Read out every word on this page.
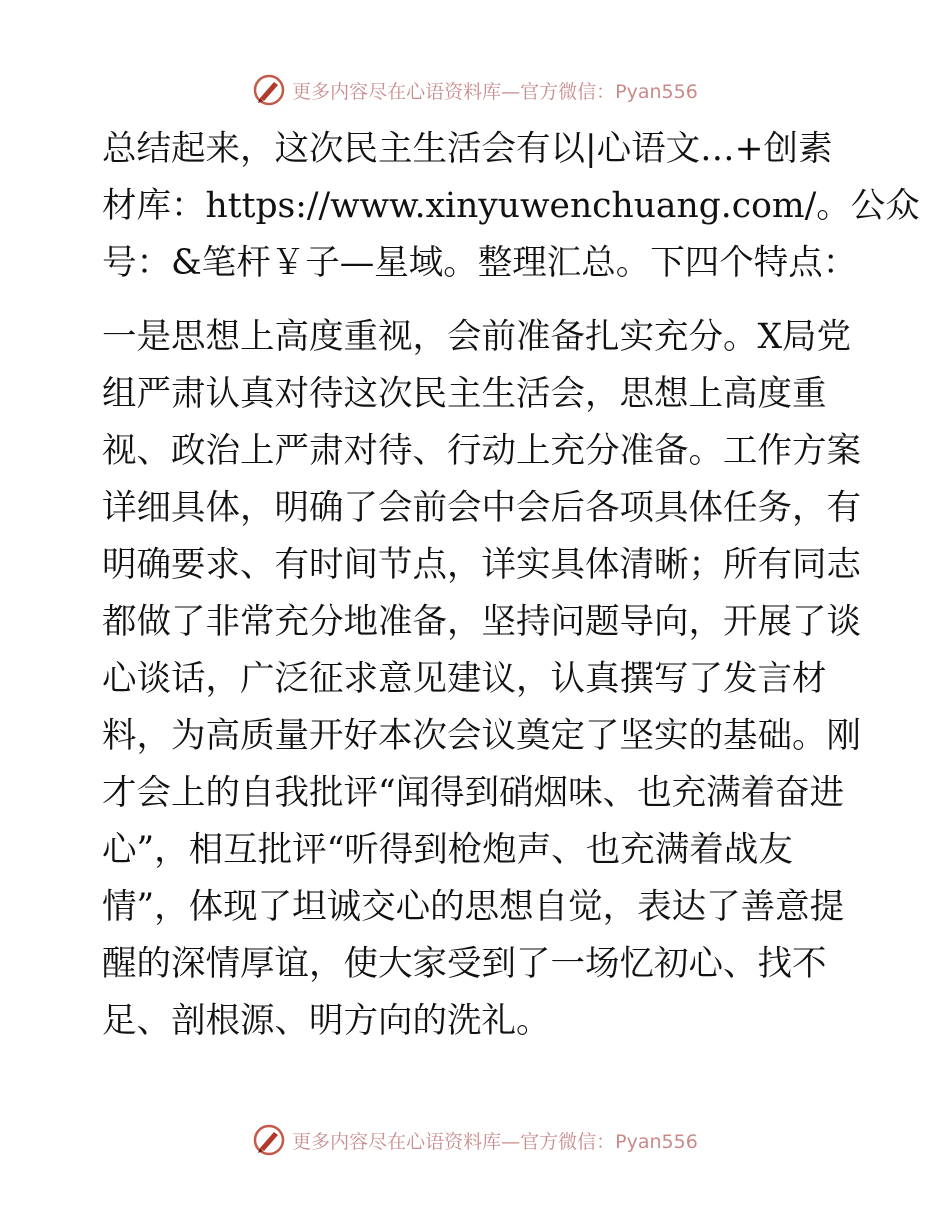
更多内容尽在心语资料库—官方微信：Pyan556
总结起来，这次民主生活会有以|心语文…+创素
材库：https://www.xinyuwenchuang.com/。公众
号：&笔杆￥子—星域。整理汇总。下四个特点：
一是思想上高度重视，会前准备扎实充分。X局党
组严肃认真对待这次民主生活会，思想上高度重
视、政治上严肃对待、行动上充分准备。工作方案
详细具体，明确了会前会中会后各项具体任务，有
明确要求、有时间节点，详实具体清晰；所有同志
都做了非常充分地准备，坚持问题导向，开展了谈
心谈话，广泛征求意见建议，认真撰写了发言材
料，为高质量开好本次会议奠定了坚实的基础。刚
才会上的自我批评“闻得到硝烟味、也充满着奋进
心”，相互批评“听得到枪炮声、也充满着战友
情”，体现了坦诚交心的思想自觉，表达了善意提
醒的深情厚谊，使大家受到了一场忆初心、找不
足、剖根源、明方向的洗礼。
更多内容尽在心语资料库—官方微信：Pyan556
